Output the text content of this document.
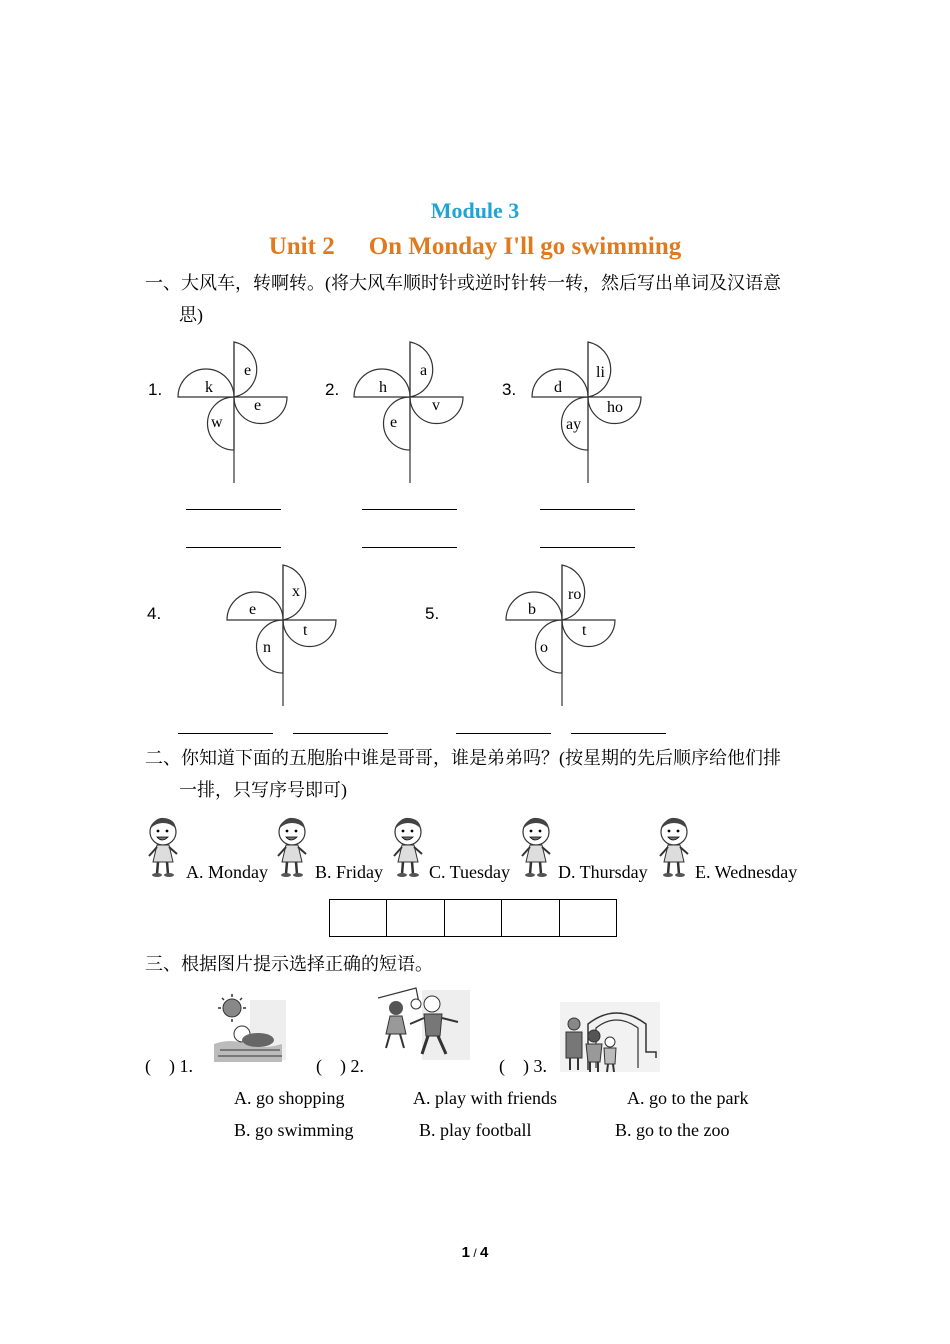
Module 3
Unit 2 On Monday I'll go swimming
一、大风车，转啊转。(将大风车顺时针或逆时针转一转，然后写出单词及汉语意
思)
1.	k
e
e
w
2. h
a
v
e
3. d
li
ho
ay
4.	e
x
t
n
5.	b
ro
t
o
二、你知道下面的五胞胎中谁是哥哥，谁是弟弟吗？(按星期的先后顺序给他们排
一排，只写序号即可)
A. Monday	B. Friday	C. Tuesday	D. Thursday	E. Wednesday
三、根据图片提示选择正确的短语。
(    ) 1.	(    ) 2.	(    ) 3.
A. go shopping
B. go swimming
A. play with friends
B. play football
A. go to the park
B. go to the zoo
1 / 4
